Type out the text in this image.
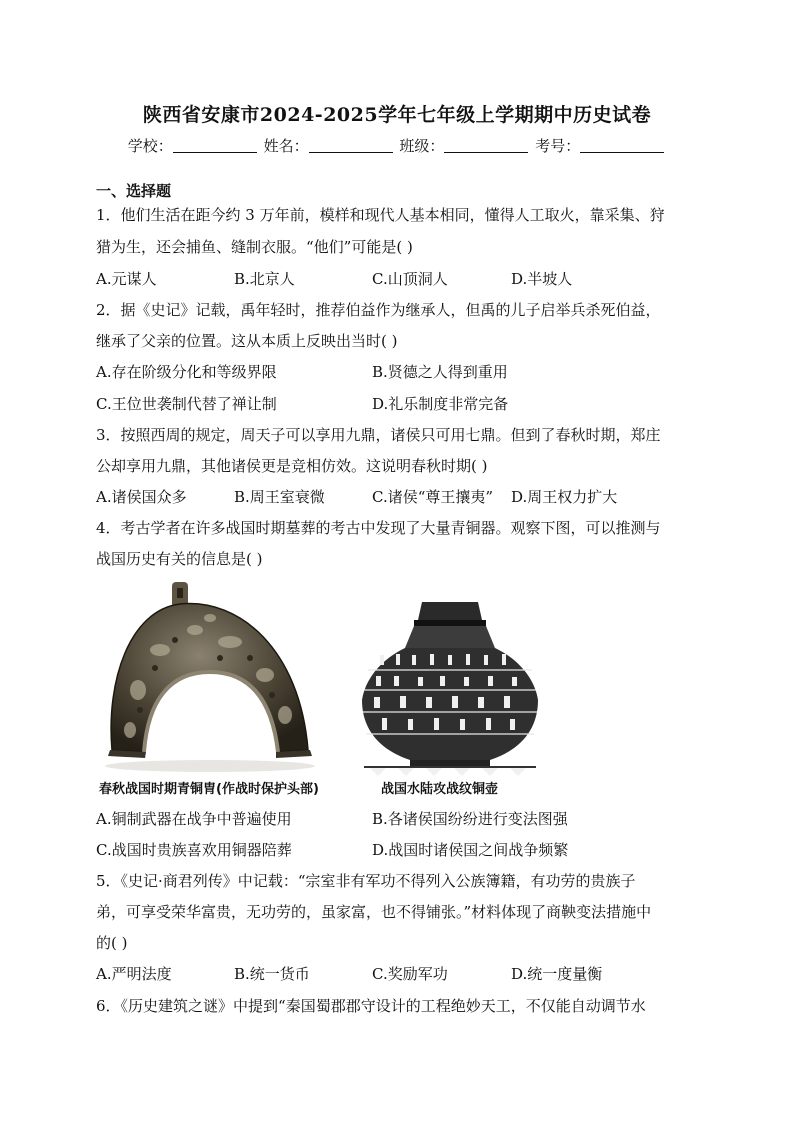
陕西省安康市2024-2025学年七年级上学期期中历史试卷
学校：	姓名：	班级：	考号：
一、选择题
1．他们生活在距今约 3 万年前，模样和现代人基本相同，懂得人工取火，靠采集、狩
猎为生，还会捕鱼、缝制衣服。“他们”可能是( )
A.元谋人	B.北京人	C.山顶洞人	D.半坡人
2．据《史记》记载，禹年轻时，推荐伯益作为继承人，但禹的儿子启举兵杀死伯益，
继承了父亲的位置。这从本质上反映出当时( )
A.存在阶级分化和等级界限	B.贤德之人得到重用
C.王位世袭制代替了禅让制	D.礼乐制度非常完备
3．按照西周的规定，周天子可以享用九鼎，诸侯只可用七鼎。但到了春秋时期，郑庄
公却享用九鼎，其他诸侯更是竞相仿效。这说明春秋时期( )
A.诸侯国众多	B.周王室衰微	C.诸侯“尊王攘夷” D.周王权力扩大
4．考古学者在许多战国时期墓葬的考古中发现了大量青铜器。观察下图，可以推测与
战国历史有关的信息是( )
春秋战国时期青铜胄(作战时保护头部)	战国水陆攻战纹铜壶
A.铜制武器在战争中普遍使用	B.各诸侯国纷纷进行变法图强
C.战国时贵族喜欢用铜器陪葬	D.战国时诸侯国之间战争频繁
5．《史记·商君列传》中记载：“宗室非有军功不得列入公族簿籍，有功劳的贵族子
弟，可享受荣华富贵，无功劳的，虽家富，也不得铺张。”材料体现了商鞅变法措施中
的( )
A.严明法度	B.统一货币	C.奖励军功	D.统一度量衡
6．《历史建筑之谜》中提到“秦国蜀郡郡守设计的工程绝妙天工，不仅能自动调节水
